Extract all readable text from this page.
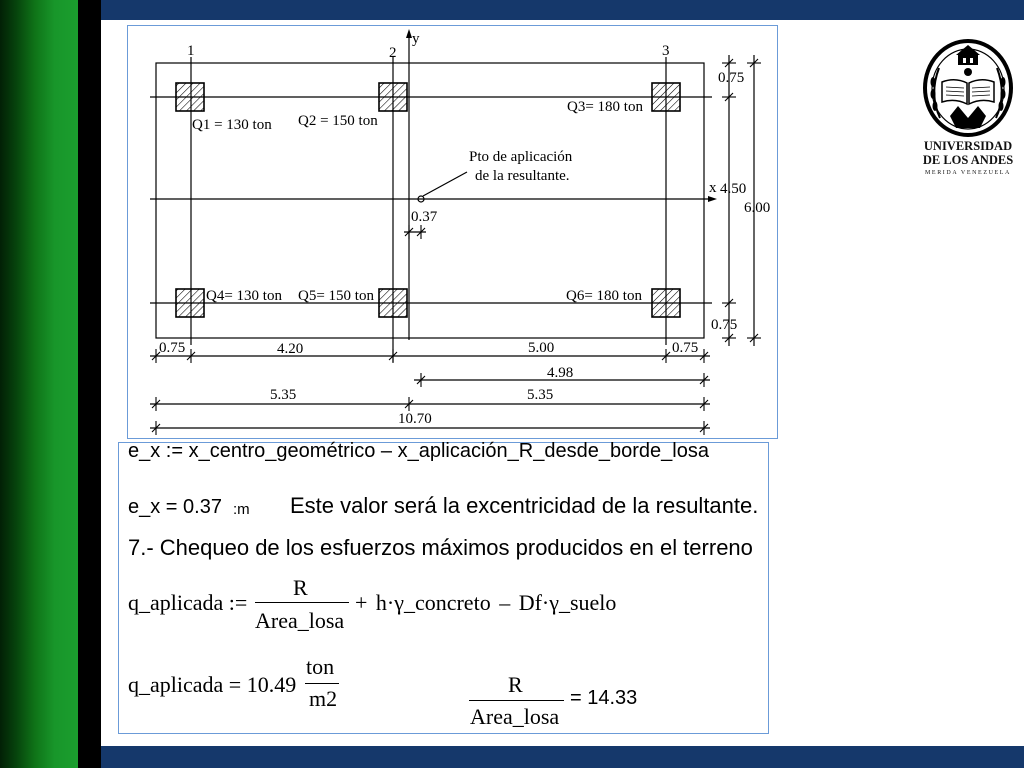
UNIVERSIDAD
DE LOS ANDES
MERIDA VENEZUELA
1	2	3
y
x
Q1 = 130 ton Q2 = 150 ton
Q3= 180 ton
Q4= 130 ton Q5= 150 ton	Q6= 180 ton
Pto de aplicación
de la resultante.
0.37
0.75
4.50
6.00
0.75
0.75	4.20	5.00	0.75
4.98
5.35	5.35
10.70
e_x := x_centro_geométrico – x_aplicación_R_desde_borde_losa
e_x = 0.37 :m Este valor será la excentricidad de la resultante.
7.- Chequeo de los esfuerzos máximos producidos en el terreno
q_aplicada :=
R
Area_losa
+ h·γ_concreto – Df·γ_suelo
q_aplicada = 10.49
ton
m2
R
Area_losa
= 14.33
